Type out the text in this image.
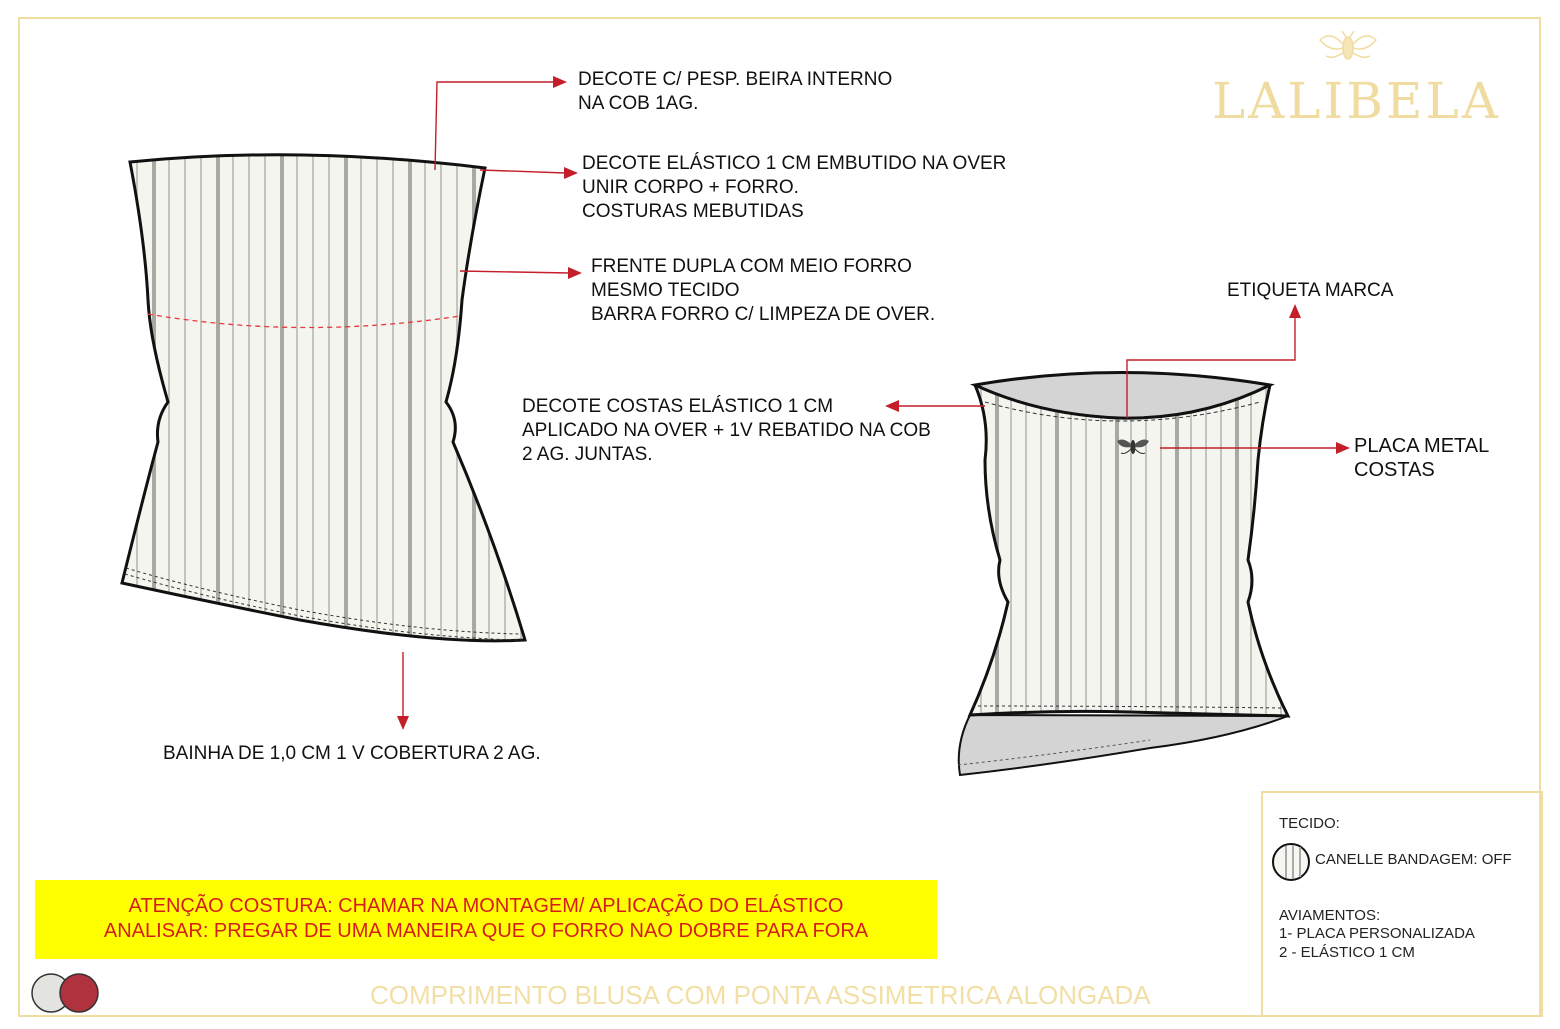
LALIBELA
DECOTE C/ PESP. BEIRA INTERNO
NA COB 1AG.
DECOTE ELÁSTICO 1 CM EMBUTIDO NA OVER
UNIR CORPO + FORRO.
COSTURAS MEBUTIDAS
FRENTE DUPLA COM MEIO FORRO
MESMO TECIDO
BARRA FORRO C/ LIMPEZA DE OVER.
BAINHA DE 1,0 CM 1 V COBERTURA 2 AG.
ETIQUETA MARCA
DECOTE COSTAS ELÁSTICO 1 CM
APLICADO NA OVER + 1V REBATIDO NA COB
2 AG. JUNTAS.	PLACA METAL
COSTAS
ATENÇÃO COSTURA: CHAMAR NA MONTAGEM/ APLICAÇÃO DO ELÁSTICO
ANALISAR: PREGAR DE UMA MANEIRA QUE O FORRO NAO DOBRE PARA FORA
TECIDO:
CANELLE BANDAGEM: OFF
AVIAMENTOS:
1- PLACA PERSONALIZADA
2 - ELÁSTICO 1 CM
COMPRIMENTO BLUSA COM PONTA ASSIMETRICA ALONGADA
